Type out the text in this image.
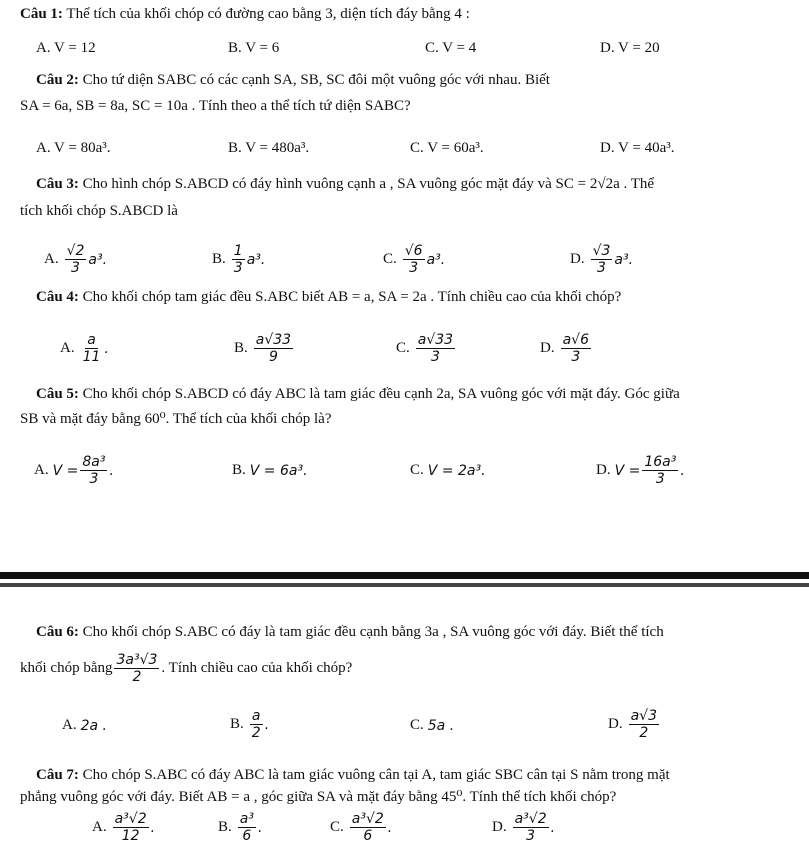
Câu 1: Thể tích của khối chóp có đường cao bằng 3, diện tích đáy bằng 4 :
A. V = 12	B. V = 6	C. V = 4	D. V = 20
Câu 2: Cho tứ diện SABC có các cạnh SA, SB, SC đôi một vuông góc với nhau. Biết
SA = 6a, SB = 8a, SC = 10a . Tính theo a thể tích tứ diện SABC?
A. V = 80a³.	B. V = 480a³.	C. V = 60a³.	D. V = 40a³.
Câu 3: Cho hình chóp S.ABCD có đáy hình vuông cạnh a , SA vuông góc mặt đáy và SC = 2√2a . Thể
tích khối chóp S.ABCD là
A. $\frac{√2}{3} a^3$.	B. $\frac{1}{3} a^3$.	C. $\frac{√6}{3} a^3$.	D. $\frac{√3}{3} a^3$.
Câu 4: Cho khối chóp tam giác đều S.ABC biết AB = a, SA = 2a . Tính chiều cao của khối chóp?
A. $\frac{a}{11}$ .	B. $\frac{a√33}{9}$	C. $\frac{a√33}{3}$	D. $\frac{a√6}{3}$
Câu 5: Cho khối chóp S.ABCD có đáy ABC là tam giác đều cạnh 2a, SA vuông góc với mặt đáy. Góc giữa
SB và mặt đáy bằng 60⁰. Thể tích của khối chóp là?
A. $V = \frac{\text{8a³}}{3}$ .	B. V = 6a³.	C. V = 2a³.	D. $V = \frac{\text{16a³}}{3}$ .
Câu 6: Cho khối chóp S.ABC có đáy là tam giác đều cạnh bằng 3a , SA vuông góc với đáy. Biết thể tích
khối chóp bằng $\frac{\text{3a³√3}}{2}$ . Tính chiều cao của khối chóp?
A. 2a .	B. $\frac{a}{2}$ .	C. 5a .	D. $\frac{a√3}{2}$
Câu 7: Cho chóp S.ABC có đáy ABC là tam giác vuông cân tại A, tam giác SBC cân tại S nằm trong mặt
phẳng vuông góc với đáy. Biết AB = a , góc giữa SA và mặt đáy bằng 45⁰. Tính thể tích khối chóp?
A. $\frac{\text{a³√2}}{12}$ .	B. $\frac{\text{a³}}{6}$ .	C. $\frac{\text{a³√2}}{6}$ .	D. $\frac{\text{a³√2}}{3}$ .
